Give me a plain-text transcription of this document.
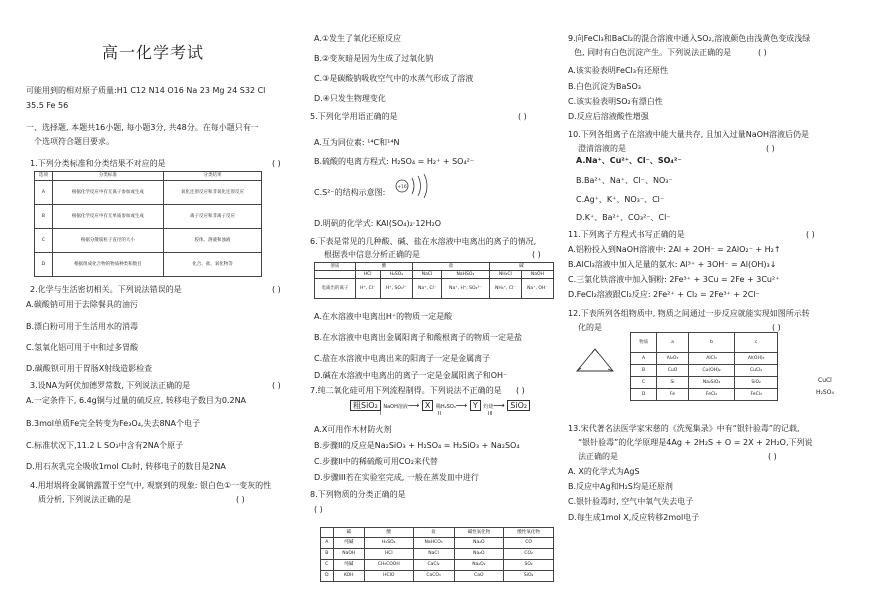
高一化学考试
可能用到的相对原子质量:H1 C12 N14 O16 Na 23 Mg 24 S32 Cl
35.5 Fe 56
一、选择题, 本题共16小题, 每小题3分, 共48分。在每小题只有一
个选项符合题目要求。
1.下列分类标准和分类结果不对应的是	( )
选项	分类标准	分类结果
A	根据化学反应中有无离子参加或生成	氧化还原反应和非氧化还原反应
B	根据化学反应中有无单质参加或生成	离子反应和非离子反应
C	根据分散质粒子直径的大小	胶体、溶液和浊液
D	根据组成化合物的物质种类和数目	化合、盐、氧化物等
2.化学与生活密切相关。下列说法错误的是	( )
A.碳酸钠可用于去除餐具的油污
B.漂白粉可用于生活用水的消毒
C.氢氧化铝可用于中和过多胃酸
D.碳酸钡可用于胃肠X射线造影检查
3.设NA为阿伏加德罗常数, 下列说法正确的是	( )
A.一定条件下, 6.4g铜与过量的硫反应, 转移电子数目为0.2NA
B.3mol单质Fe完全转变为Fe₃O₄,失去8NA个电子
C.标准状况下,11.2 L SO₃中含有2NA个原子
D.用石灰乳完全吸收1mol Cl₂时, 转移电子的数目是2NA
4.用坩埚将金属钠露置于空气中, 观察到的现象: 银白色①一变灰的性
质分析, 下列说法正确的是	( )
A.①发生了氧化还原反应
B.②变灰暗是因为生成了过氧化钠
C.③是碳酸钠吸收空气中的水蒸气形成了溶液
D.④只发生物理变化
5.下列化学用语正确的是	( )
A.互为同位素: ¹⁴C和¹⁴N
B.硫酸的电离方程式: H₂SO₄ = H₂⁺ + SO₄²⁻
C.S²⁻的结构示意图:
+16
D.明矾的化学式: KAl(SO₄)₂·12H₂O
6.下表是常见的几种酸、碱、盐在水溶液中电离出的离子的情况,
根据表中信息分析正确的是	( )
溶质	酸		盐		碱	
	HCl	H₂SO₄	NaCl	NaHSO₄	NH₄Cl	NaOH
电离出的离子	H⁺, Cl⁻	H⁺, SO₄²⁻	Na⁺, Cl⁻	Na⁺, H⁺, SO₄²⁻	NH₄⁺, Cl⁻	Na⁺, OH⁻
A.在水溶液中电离出H⁺的物质一定是酸
B.在水溶液中电离出金属阳离子和酸根离子的物质一定是盐
C.盐在水溶液中电离出来的阳离子一定是金属离子
D.碱在水溶液中电离出的离子一定是金属阳离子和OH⁻
7.纯二氧化硅可用下列流程制得。下列说法不正确的是 ( )
粗SiO₂ NaOH溶液⟶ X 稀H₂SO₄⟶ Y 灼烧⟶ SiO₂
I	II	III
A.X可用作木材防火剂
B.步骤II的反应是Na₂SiO₃ + H₂SO₄ = H₂SiO₃ + Na₂SO₄
C.步骤II中的稀硫酸可用CO₂来代替
D.步骤III若在实验室完成, 一般在蒸发皿中进行
8.下列物质的分类正确的是
( )
	碱	酸	盐	碱性氧化物	酸性氧化物
A	纯碱	H₂SO₄	NaHCO₃	Na₂O	CO
B	NaOH	HCl	NaCl	Na₂O	CO₂
C	纯碱	CH₃COOH	CaCl₂	Na₂O₂	SO₂
D	KOH	HClO	CaCO₃	CaO	SiO₂
9.向FeCl₃和BaCl₂的混合溶液中通入SO₂,溶液颜色由浅黄色变成浅绿
色, 同时有白色沉淀产生。下列说法正确的是	( )
A.该实验表明FeCl₃有还原性
B.白色沉淀为BaSO₃
C.该实验表明SO₂有漂白性
D.反应后溶液酸性增强
10.下列各组离子在溶液中能大量共存, 且加入过量NaOH溶液后仍是
澄清溶液的是	( )
A.Na⁺、Cu²⁺、Cl⁻、SO₄²⁻
B.Ba²⁺、Na⁺、Cl⁻、NO₃⁻
C.Ag⁺、K⁺、NO₃⁻、Cl⁻
D.K⁺、Ba²⁺、CO₃²⁻、Cl⁻
11.下列离子方程式书写正确的是	( )
A.铝粉投入到NaOH溶液中: 2Al + 2OH⁻ = 2AlO₂⁻ + H₂↑
B.AlCl₃溶液中加入足量的氨水: Al³⁺ + 3OH⁻ = Al(OH)₃↓
C.三氯化铁溶液中加入铜粉: 2Fe³⁺ + 3Cu = 2Fe + 3Cu²⁺
D.FeCl₂溶液跟Cl₂反应: 2Fe²⁺ + Cl₂ = 2Fe³⁺ + 2Cl⁻
12.下表所列各组物质中, 物质之间通过一步反应就能实现如图所示转
化的是	( )
物质	a	b	c
A	Al₂O₃	AlCl₃	Al(OH)₃
B	CuO	Cu(OH)₂	CuCl₂
C	Si	Na₂SiO₃	SiO₂
D	Fe	FeCl₂	FeCl₃
CuCl
H₂SO₄
13.宋代著名法医学家宋慈的《洗冤集录》中有“银针验毒”的记载,
“银针验毒”的化学原理是4Ag + 2H₂S + O = 2X + 2H₂O,下列说
法正确的是	( )
A. X的化学式为AgS
B.反应中Ag和H₂S均是还原剂
C.银针验毒时, 空气中氧气失去电子
D.每生成1mol X,反应转移2mol电子
